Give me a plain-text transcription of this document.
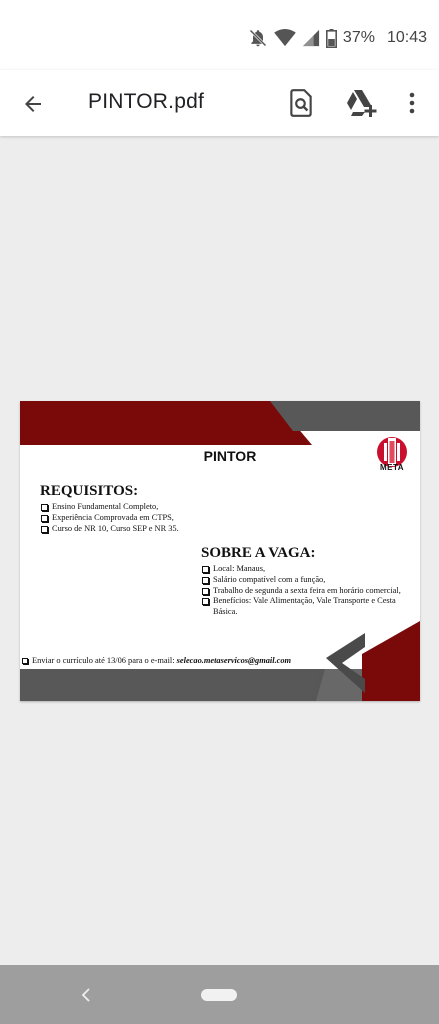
37% 10:43
PINTOR.pdf
PINTOR
META
REQUISITOS:
Ensino Fundamental Completo,
Experiência Comprovada em CTPS,
Curso de NR 10, Curso SEP e NR 35.
SOBRE A VAGA:
Local: Manaus,
Salário compatível com a função,
Trabalho de segunda a sexta feira em horário comercial,
Benefícios: Vale Alimentação, Vale Transporte e Cesta Básica.
Enviar o currículo até 13/06 para o e-mail: selecao.metaservicos@gmail.com
